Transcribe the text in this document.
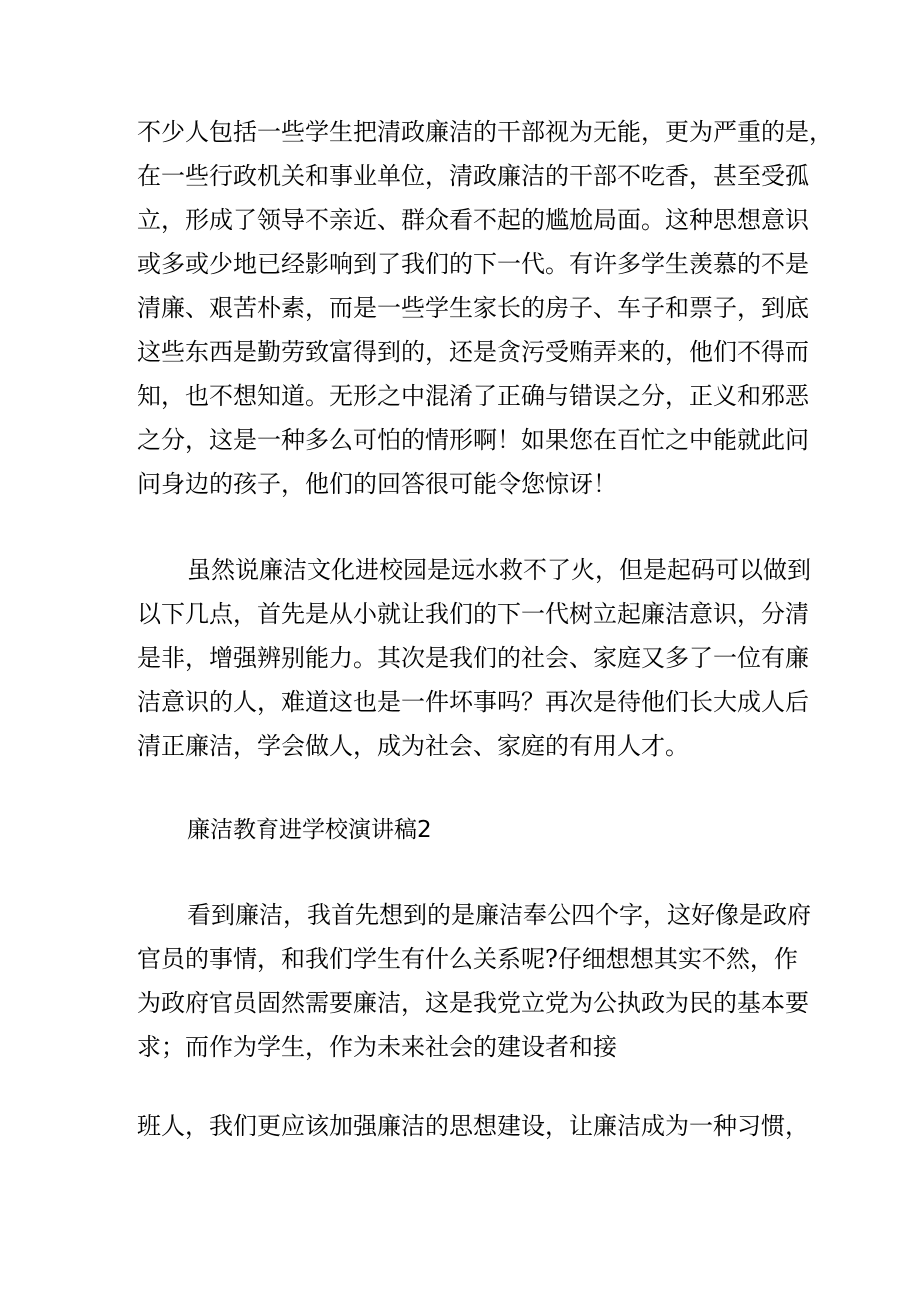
不少人包括一些学生把清政廉洁的干部视为无能，更为严重的是，
在一些行政机关和事业单位，清政廉洁的干部不吃香，甚至受孤
立，形成了领导不亲近、群众看不起的尴尬局面。这种思想意识
或多或少地已经影响到了我们的下一代。有许多学生羡慕的不是
清廉、艰苦朴素，而是一些学生家长的房子、车子和票子，到底
这些东西是勤劳致富得到的，还是贪污受贿弄来的，他们不得而
知，也不想知道。无形之中混淆了正确与错误之分，正义和邪恶
之分，这是一种多么可怕的情形啊！如果您在百忙之中能就此问
问身边的孩子，他们的回答很可能令您惊讶！
虽然说廉洁文化进校园是远水救不了火，但是起码可以做到
以下几点，首先是从小就让我们的下一代树立起廉洁意识，分清
是非，增强辨别能力。其次是我们的社会、家庭又多了一位有廉
洁意识的人，难道这也是一件坏事吗？再次是待他们长大成人后
清正廉洁，学会做人，成为社会、家庭的有用人才。
廉洁教育进学校演讲稿2
看到廉洁，我首先想到的是廉洁奉公四个字，这好像是政府
官员的事情，和我们学生有什么关系呢?仔细想想其实不然，作
为政府官员固然需要廉洁，这是我党立党为公执政为民的基本要
求；而作为学生，作为未来社会的建设者和接
班人，我们更应该加强廉洁的思想建设，让廉洁成为一种习惯，
